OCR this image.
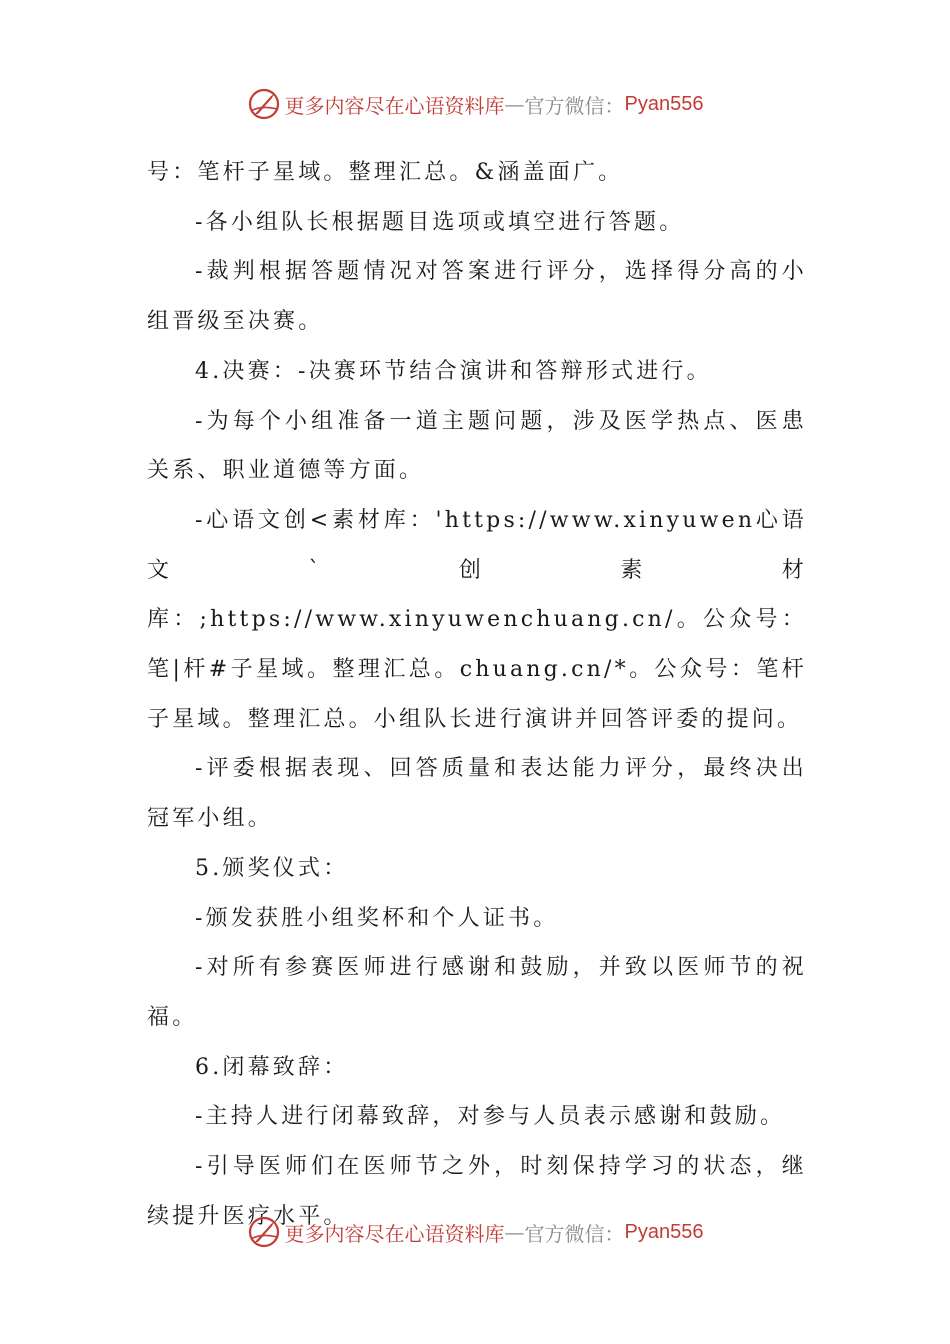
更多内容尽在心语资料库 — 官方微信： Pyan556

号：笔杆子星域。整理汇总。&涵盖面广。

-各小组队长根据题目选项或填空进行答题。

-裁判根据答题情况对答案进行评分，选择得分高的小组晋级至决赛。

4.决赛：-决赛环节结合演讲和答辩形式进行。

-为每个小组准备一道主题问题，涉及医学热点、医患关系、职业道德等方面。

-心语文创<素材库：'https://www.xinyuwen心语文`创素材库：;https://www.xinyuwenchuang.cn/。公众号：笔|杆#子星域。整理汇总。chuang.cn/*。公众号：笔杆子星域。整理汇总。小组队长进行演讲并回答评委的提问。

-评委根据表现、回答质量和表达能力评分，最终决出冠军小组。

5.颁奖仪式：

-颁发获胜小组奖杯和个人证书。

-对所有参赛医师进行感谢和鼓励，并致以医师节的祝福。

6.闭幕致辞：

-主持人进行闭幕致辞，对参与人员表示感谢和鼓励。

-引导医师们在医师节之外，时刻保持学习的状态，继续提升医疗水平。

更多内容尽在心语资料库 — 官方微信： Pyan556
